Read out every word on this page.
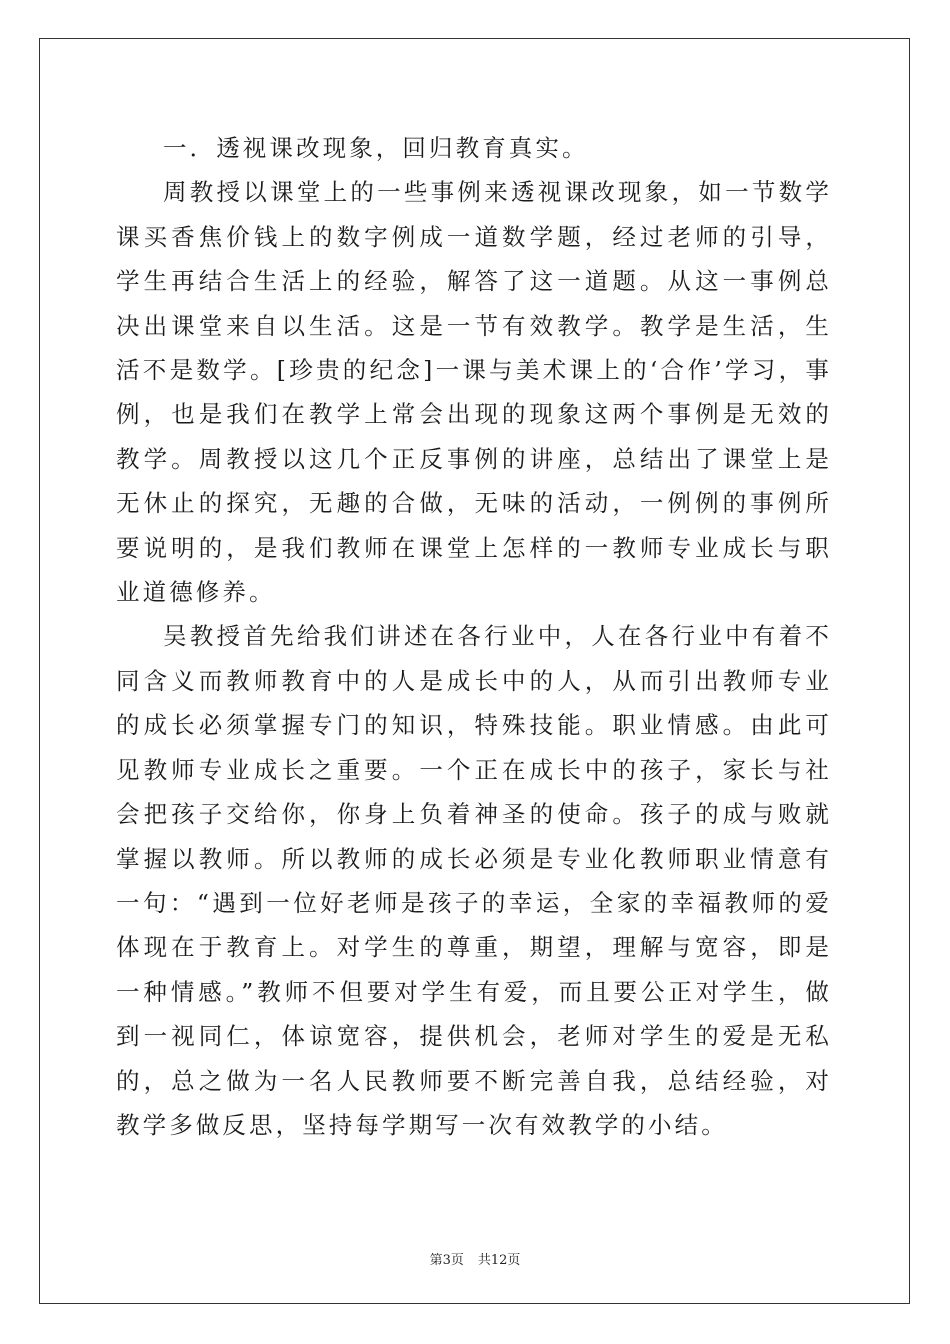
一．透视课改现象，回归教育真实。

周教授以课堂上的一些事例来透视课改现象，如一节数学课买香焦价钱上的数字例成一道数学题，经过老师的引导，学生再结合生活上的经验，解答了这一道题。从这一事例总决出课堂来自以生活。这是一节有效教学。教学是生活，生活不是数学。[珍贵的纪念]一课与美术课上的‘合作’学习，事例，也是我们在教学上常会出现的现象这两个事例是无效的教学。周教授以这几个正反事例的讲座，总结出了课堂上是无休止的探究，无趣的合做，无味的活动，一例例的事例所要说明的，是我们教师在课堂上怎样的一教师专业成长与职业道德修养。

吴教授首先给我们讲述在各行业中，人在各行业中有着不同含义而教师教育中的人是成长中的人，从而引出教师专业的成长必须掌握专门的知识，特殊技能。职业情感。由此可见教师专业成长之重要。一个正在成长中的孩子，家长与社会把孩子交给你，你身上负着神圣的使命。孩子的成与败就掌握以教师。所以教师的成长必须是专业化教师职业情意有一句：“遇到一位好老师是孩子的幸运，全家的幸福教师的爱体现在于教育上。对学生的尊重，期望，理解与宽容，即是一种情感。”教师不但要对学生有爱，而且要公正对学生，做到一视同仁，体谅宽容，提供机会，老师对学生的爱是无私的，总之做为一名人民教师要不断完善自我，总结经验，对教学多做反思，坚持每学期写一次有效教学的小结。

第3页 共12页
